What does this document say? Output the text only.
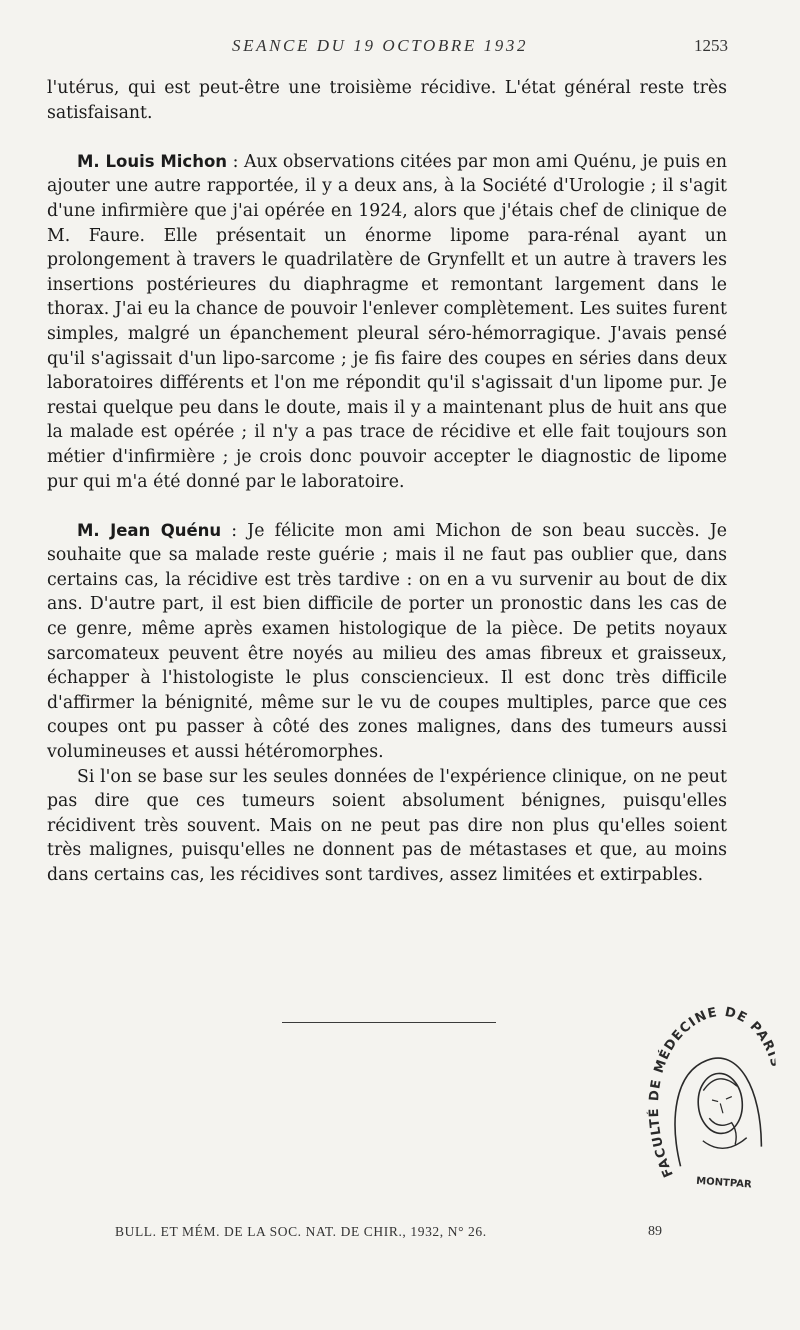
SEANCE DU 19 OCTOBRE 1932	1253

l'utérus, qui est peut-être une troisième récidive. L'état général reste très satisfaisant.

M. Louis Michon : Aux observations citées par mon ami Quénu, je puis en ajouter une autre rapportée, il y a deux ans, à la Société d'Urologie ; il s'agit d'une infirmière que j'ai opérée en 1924, alors que j'étais chef de clinique de M. Faure. Elle présentait un énorme lipome para-rénal ayant un prolongement à travers le quadrilatère de Grynfellt et un autre à travers les insertions postérieures du diaphragme et remontant largement dans le thorax. J'ai eu la chance de pouvoir l'enlever complètement. Les suites furent simples, malgré un épanchement pleural séro-hémorragique. J'avais pensé qu'il s'agissait d'un lipo-sarcome ; je fis faire des coupes en séries dans deux laboratoires différents et l'on me répondit qu'il s'agissait d'un lipome pur. Je restai quelque peu dans le doute, mais il y a maintenant plus de huit ans que la malade est opérée ; il n'y a pas trace de récidive et elle fait toujours son métier d'infirmière ; je crois donc pouvoir accepter le diagnostic de lipome pur qui m'a été donné par le laboratoire.

M. Jean Quénu : Je félicite mon ami Michon de son beau succès. Je souhaite que sa malade reste guérie ; mais il ne faut pas oublier que, dans certains cas, la récidive est très tardive : on en a vu survenir au bout de dix ans. D'autre part, il est bien difficile de porter un pronostic dans les cas de ce genre, même après examen histologique de la pièce. De petits noyaux sarcomateux peuvent être noyés au milieu des amas fibreux et graisseux, échapper à l'histologiste le plus consciencieux. Il est donc très difficile d'affirmer la bénignité, même sur le vu de coupes multiples, parce que ces coupes ont pu passer à côté des zones malignes, dans des tumeurs aussi volumineuses et aussi hétéromorphes.

Si l'on se base sur les seules données de l'expérience clinique, on ne peut pas dire que ces tumeurs soient absolument bénignes, puisqu'elles récidivent très souvent. Mais on ne peut pas dire non plus qu'elles soient très malignes, puisqu'elles ne donnent pas de métastases et que, au moins dans certains cas, les récidives sont tardives, assez limitées et extirpables.

FACULTÉ DE MÉDECINE DE PARIS
MONTPAR
BULL. ET MÉM. DE LA SOC. NAT. DE CHIR., 1932, N° 26.	89
